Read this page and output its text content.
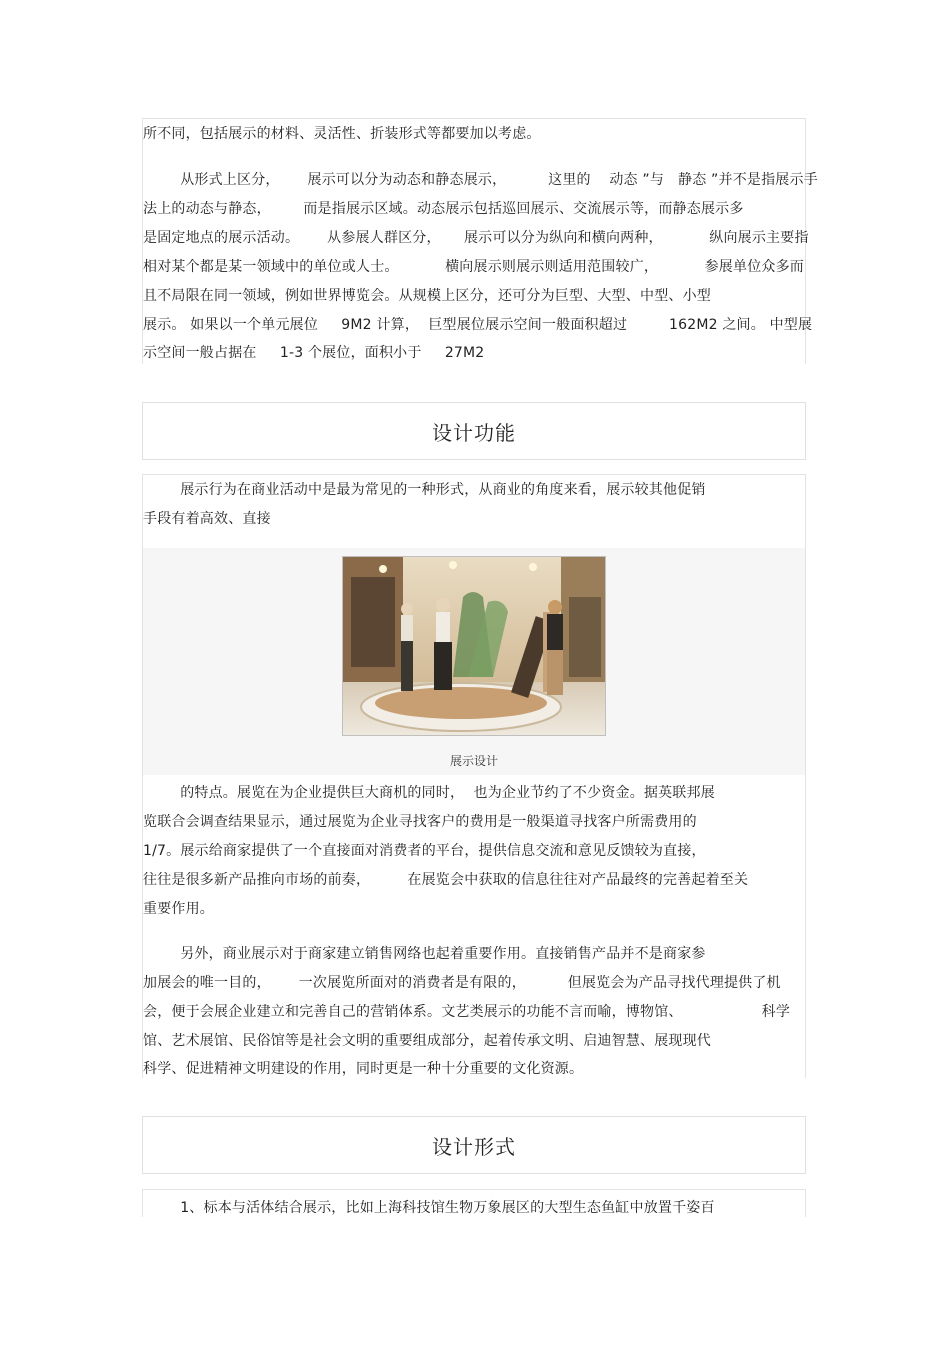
所不同，包括展示的材料、灵活性、折装形式等都要加以考虑。
从形式上区分，      展示可以分为动态和静态展示，         这里的    动态 ”与   静态 ”并不是指展示手
法上的动态与静态，       而是指展示区域。动态展示包括巡回展示、交流展示等，而静态展示多
是固定地点的展示活动。      从参展人群区分，     展示可以分为纵向和横向两种，          纵向展示主要指
相对某个都是某一领域中的单位或人士。          横向展示则展示则适用范围较广，          参展单位众多而
且不局限在同一领域，例如世界博览会。从规模上区分，还可分为巨型、大型、中型、小型
展示。 如果以一个单元展位     9M2 计算，  巨型展位展示空间一般面积超过         162M2 之间。 中型展
示空间一般占据在     1-3 个展位，面积小于     27M2
设计功能
展示行为在商业活动中是最为常见的一种形式，从商业的角度来看，展示较其他促销
手段有着高效、直接
展示设计
的特点。展览在为企业提供巨大商机的同时，  也为企业节约了不少资金。据英联邦展
览联合会调查结果显示，通过展览为企业寻找客户的费用是一般渠道寻找客户所需费用的
1/7。展示给商家提供了一个直接面对消费者的平台，提供信息交流和意见反馈较为直接，
往往是很多新产品推向市场的前奏，        在展览会中获取的信息往往对产品最终的完善起着至关
重要作用。
另外，商业展示对于商家建立销售网络也起着重要作用。直接销售产品并不是商家参
加展会的唯一目的，      一次展览所面对的消费者是有限的，         但展览会为产品寻找代理提供了机
会，便于会展企业建立和完善自己的营销体系。文艺类展示的功能不言而喻，博物馆、                 科学
馆、艺术展馆、民俗馆等是社会文明的重要组成部分，起着传承文明、启迪智慧、展现现代
科学、促进精神文明建设的作用，同时更是一种十分重要的文化资源。
设计形式
1、标本与活体结合展示，比如上海科技馆生物万象展区的大型生态鱼缸中放置千姿百
